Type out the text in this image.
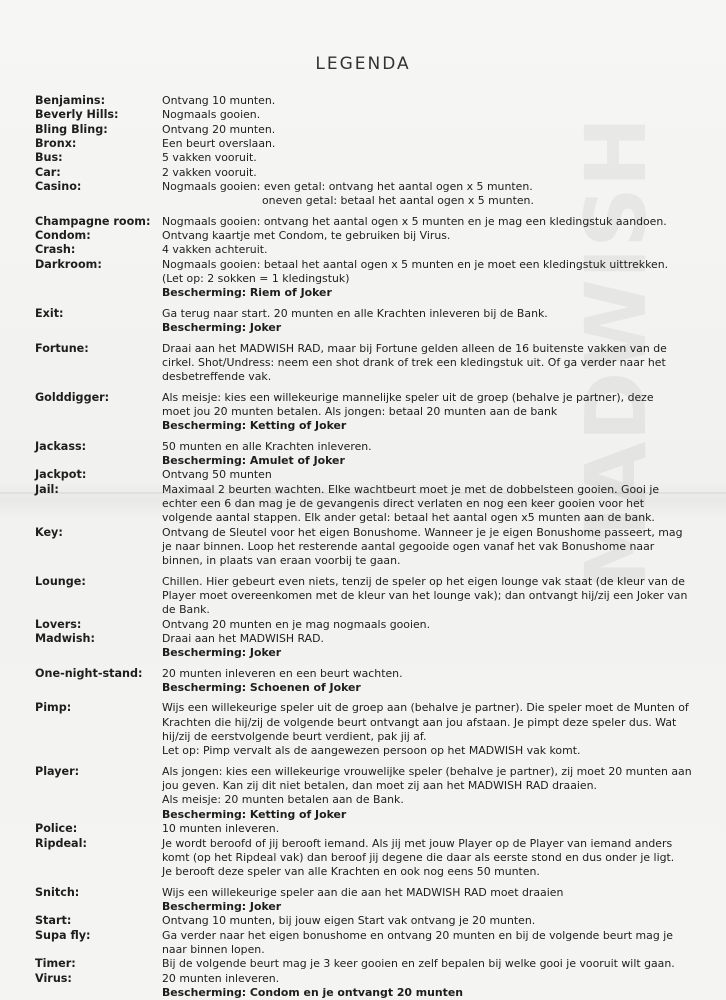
MADWISH
LEGENDA
Benjamins:	Ontvang 10 munten.
Beverly Hills:	Nogmaals gooien.
Bling Bling:	Ontvang 20 munten.
Bronx:	Een beurt overslaan.
Bus:	5 vakken vooruit.
Car:	2 vakken vooruit.
Casino:	Nogmaals gooien: even getal: ontvang het aantal ogen x 5 munten.
oneven getal: betaal het aantal ogen x 5 munten.
Champagne room:	Nogmaals gooien: ontvang het aantal ogen x 5 munten en je mag een kledingstuk aandoen.
Condom:	Ontvang kaartje met Condom, te gebruiken bij Virus.
Crash:	4 vakken achteruit.
Darkroom:	Nogmaals gooien: betaal het aantal ogen x 5 munten en je moet een kledingstuk uittrekken.
(Let op: 2 sokken = 1 kledingstuk)
Bescherming: Riem of Joker
Exit:	Ga terug naar start. 20 munten en alle Krachten inleveren bij de Bank.
Bescherming: Joker
Fortune:	Draai aan het MADWISH RAD, maar bij Fortune gelden alleen de 16 buitenste vakken van de
cirkel. Shot/Undress: neem een shot drank of trek een kledingstuk uit. Of ga verder naar het
desbetreffende vak.
Golddigger:	Als meisje: kies een willekeurige mannelijke speler uit de groep (behalve je partner), deze
moet jou 20 munten betalen. Als jongen: betaal 20 munten aan de bank
Bescherming: Ketting of Joker
Jackass:	50 munten en alle Krachten inleveren.
Bescherming: Amulet of Joker
Jackpot:	Ontvang 50 munten
Jail:	Maximaal 2 beurten wachten. Elke wachtbeurt moet je met de dobbelsteen gooien. Gooi je
echter een 6 dan mag je de gevangenis direct verlaten en nog een keer gooien voor het
volgende aantal stappen. Elk ander getal: betaal het aantal ogen x5 munten aan de bank.
Key:	Ontvang de Sleutel voor het eigen Bonushome. Wanneer je je eigen Bonushome passeert, mag
je naar binnen. Loop het resterende aantal gegooide ogen vanaf het vak Bonushome naar
binnen, in plaats van eraan voorbij te gaan.
Lounge:	Chillen. Hier gebeurt even niets, tenzij de speler op het eigen lounge vak staat (de kleur van de
Player moet overeenkomen met de kleur van het lounge vak); dan ontvangt hij/zij een Joker van
de Bank.
Lovers:	Ontvang 20 munten en je mag nogmaals gooien.
Madwish:	Draai aan het MADWISH RAD.
Bescherming: Joker
One-night-stand:	20 munten inleveren en een beurt wachten.
Bescherming: Schoenen of Joker
Pimp:	Wijs een willekeurige speler uit de groep aan (behalve je partner). Die speler moet de Munten of
Krachten die hij/zij de volgende beurt ontvangt aan jou afstaan. Je pimpt deze speler dus. Wat
hij/zij de eerstvolgende beurt verdient, pak jij af.
Let op: Pimp vervalt als de aangewezen persoon op het MADWISH vak komt.
Player:	Als jongen: kies een willekeurige vrouwelijke speler (behalve je partner), zij moet 20 munten aan
jou geven. Kan zij dit niet betalen, dan moet zij aan het MADWISH RAD draaien.
Als meisje: 20 munten betalen aan de Bank.
Bescherming: Ketting of Joker
Police:	10 munten inleveren.
Ripdeal:	Je wordt beroofd of jij berooft iemand. Als jij met jouw Player op de Player van iemand anders
komt (op het Ripdeal vak) dan beroof jij degene die daar als eerste stond en dus onder je ligt.
Je berooft deze speler van alle Krachten en ook nog eens 50 munten.
Snitch:	Wijs een willekeurige speler aan die aan het MADWISH RAD moet draaien
Bescherming: Joker
Start:	Ontvang 10 munten, bij jouw eigen Start vak ontvang je 20 munten.
Supa fly:	Ga verder naar het eigen bonushome en ontvang 20 munten en bij de volgende beurt mag je
naar binnen lopen.
Timer:	Bij de volgende beurt mag je 3 keer gooien en zelf bepalen bij welke gooi je vooruit wilt gaan.
Virus:	20 munten inleveren.
Bescherming: Condom en je ontvangt 20 munten
